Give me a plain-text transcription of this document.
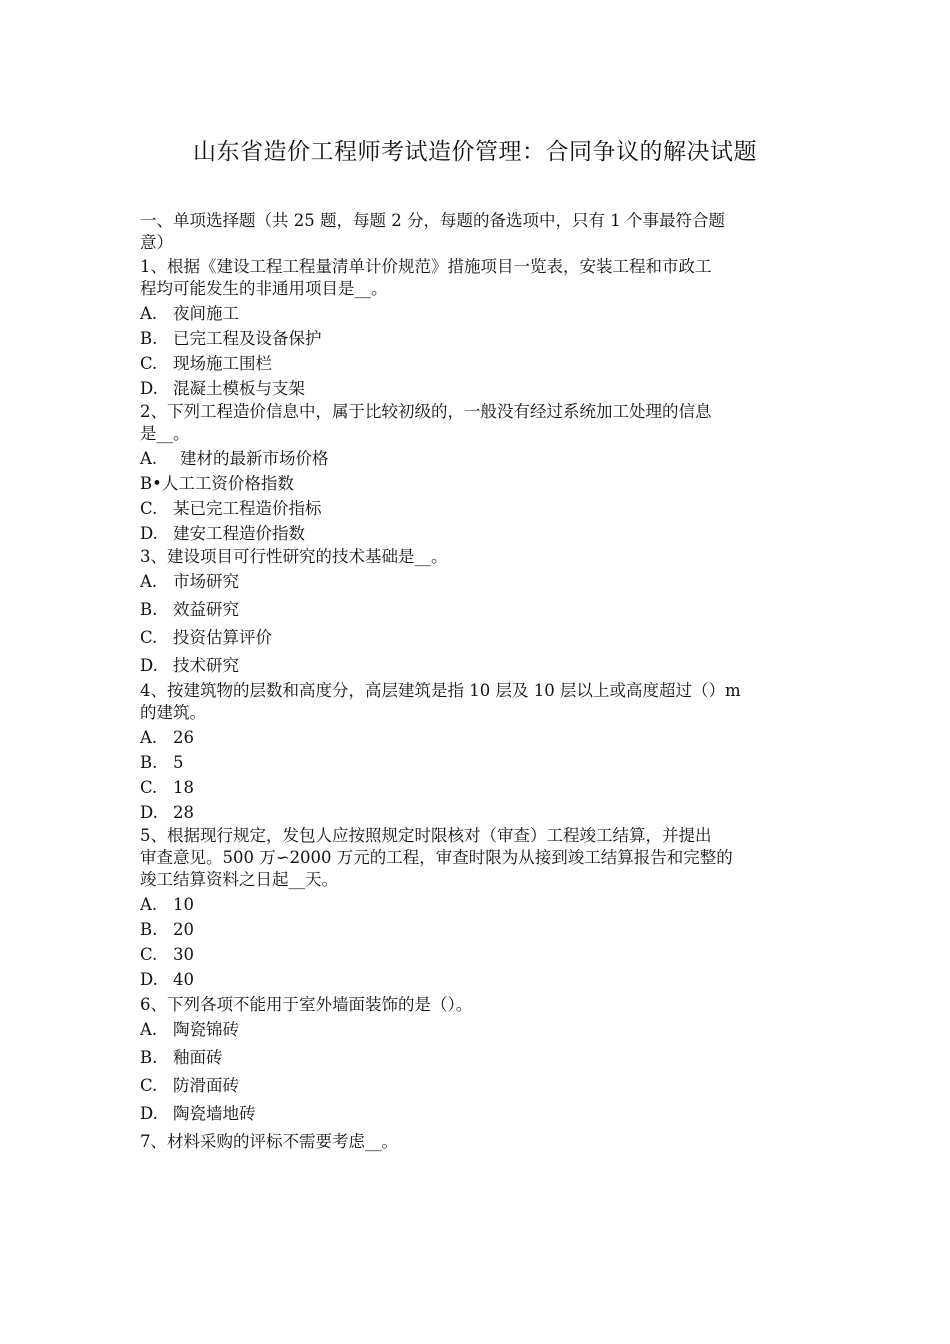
山东省造价工程师考试造价管理：合同争议的解决试题
一、单项选择题（共 25 题，每题 2 分，每题的备选项中，只有 1 个事最符合题
意）
1、根据《建设工程工程量清单计价规范》措施项目一览表，安装工程和市政工
程均可能发生的非通用项目是__。
A. 夜间施工
B. 已完工程及设备保护
C. 现场施工围栏
D. 混凝土模板与支架
2、下列工程造价信息中，属于比较初级的，一般没有经过系统加工处理的信息
是__。
A. 建材的最新市场价格
B•人工工资价格指数
C. 某已完工程造价指标
D. 建安工程造价指数
3、建设项目可行性研究的技术基础是__。
A. 市场研究
B. 效益研究
C. 投资估算评价
D. 技术研究
4、按建筑物的层数和高度分，高层建筑是指 10 层及 10 层以上或高度超过（）m
的建筑。
A. 26
B. 5
C. 18
D. 28
5、根据现行规定，发包人应按照规定时限核对（审查）工程竣工结算，并提出
审查意见。500 万∽2000 万元的工程，审查时限为从接到竣工结算报告和完整的
竣工结算资料之日起__天。
A. 10
B. 20
C. 30
D. 40
6、下列各项不能用于室外墙面装饰的是（）。
A. 陶瓷锦砖
B. 釉面砖
C. 防滑面砖
D. 陶瓷墙地砖
7、材料采购的评标不需要考虑__。
